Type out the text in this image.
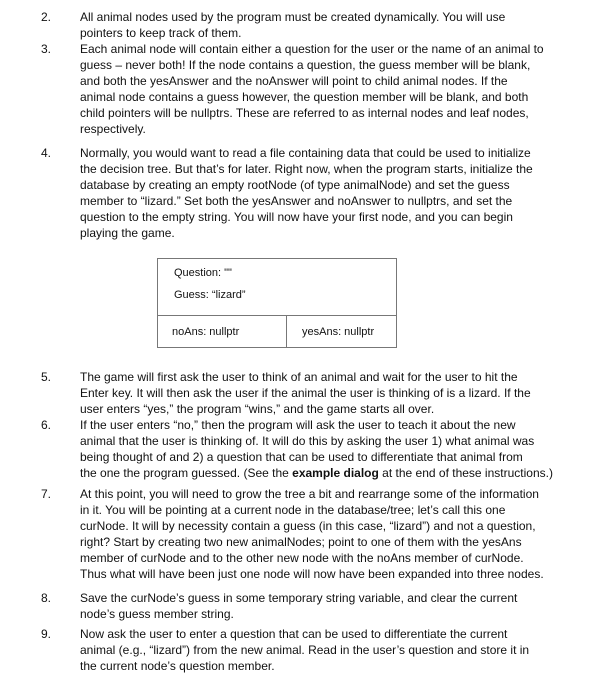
2.	All animal nodes used by the program must be created dynamically. You will use
pointers to keep track of them.
3.	Each animal node will contain either a question for the user or the name of an animal to
guess – never both! If the node contains a question, the guess member will be blank,
and both the yesAnswer and the noAnswer will point to child animal nodes. If the
animal node contains a guess however, the question member will be blank, and both
child pointers will be nullptrs. These are referred to as internal nodes and leaf nodes,
respectively.
4.	Normally, you would want to read a file containing data that could be used to initialize
the decision tree. But that’s for later. Right now, when the program starts, initialize the
database by creating an empty rootNode (of type animalNode) and set the guess
member to “lizard.” Set both the yesAnswer and noAnswer to nullptrs, and set the
question to the empty string. You will now have your first node, and you can begin
playing the game.
Question: ""
Guess: “lizard”
noAns: nullptr	yesAns: nullptr
5.	The game will first ask the user to think of an animal and wait for the user to hit the
Enter key. It will then ask the user if the animal the user is thinking of is a lizard. If the
user enters “yes,” the program “wins,” and the game starts all over.
6.	If the user enters “no,” then the program will ask the user to teach it about the new
animal that the user is thinking of. It will do this by asking the user 1) what animal was
being thought of and 2) a question that can be used to differentiate that animal from
the one the program guessed. (See the example dialog at the end of these instructions.)
7.	At this point, you will need to grow the tree a bit and rearrange some of the information
in it. You will be pointing at a current node in the database/tree; let’s call this one
curNode. It will by necessity contain a guess (in this case, “lizard”) and not a question,
right? Start by creating two new animalNodes; point to one of them with the yesAns
member of curNode and to the other new node with the noAns member of curNode.
Thus what will have been just one node will now have been expanded into three nodes.
8.	Save the curNode’s guess in some temporary string variable, and clear the current
node’s guess member string.
9.	Now ask the user to enter a question that can be used to differentiate the current
animal (e.g., “lizard”) from the new animal. Read in the user’s question and store it in
the current node’s question member.
